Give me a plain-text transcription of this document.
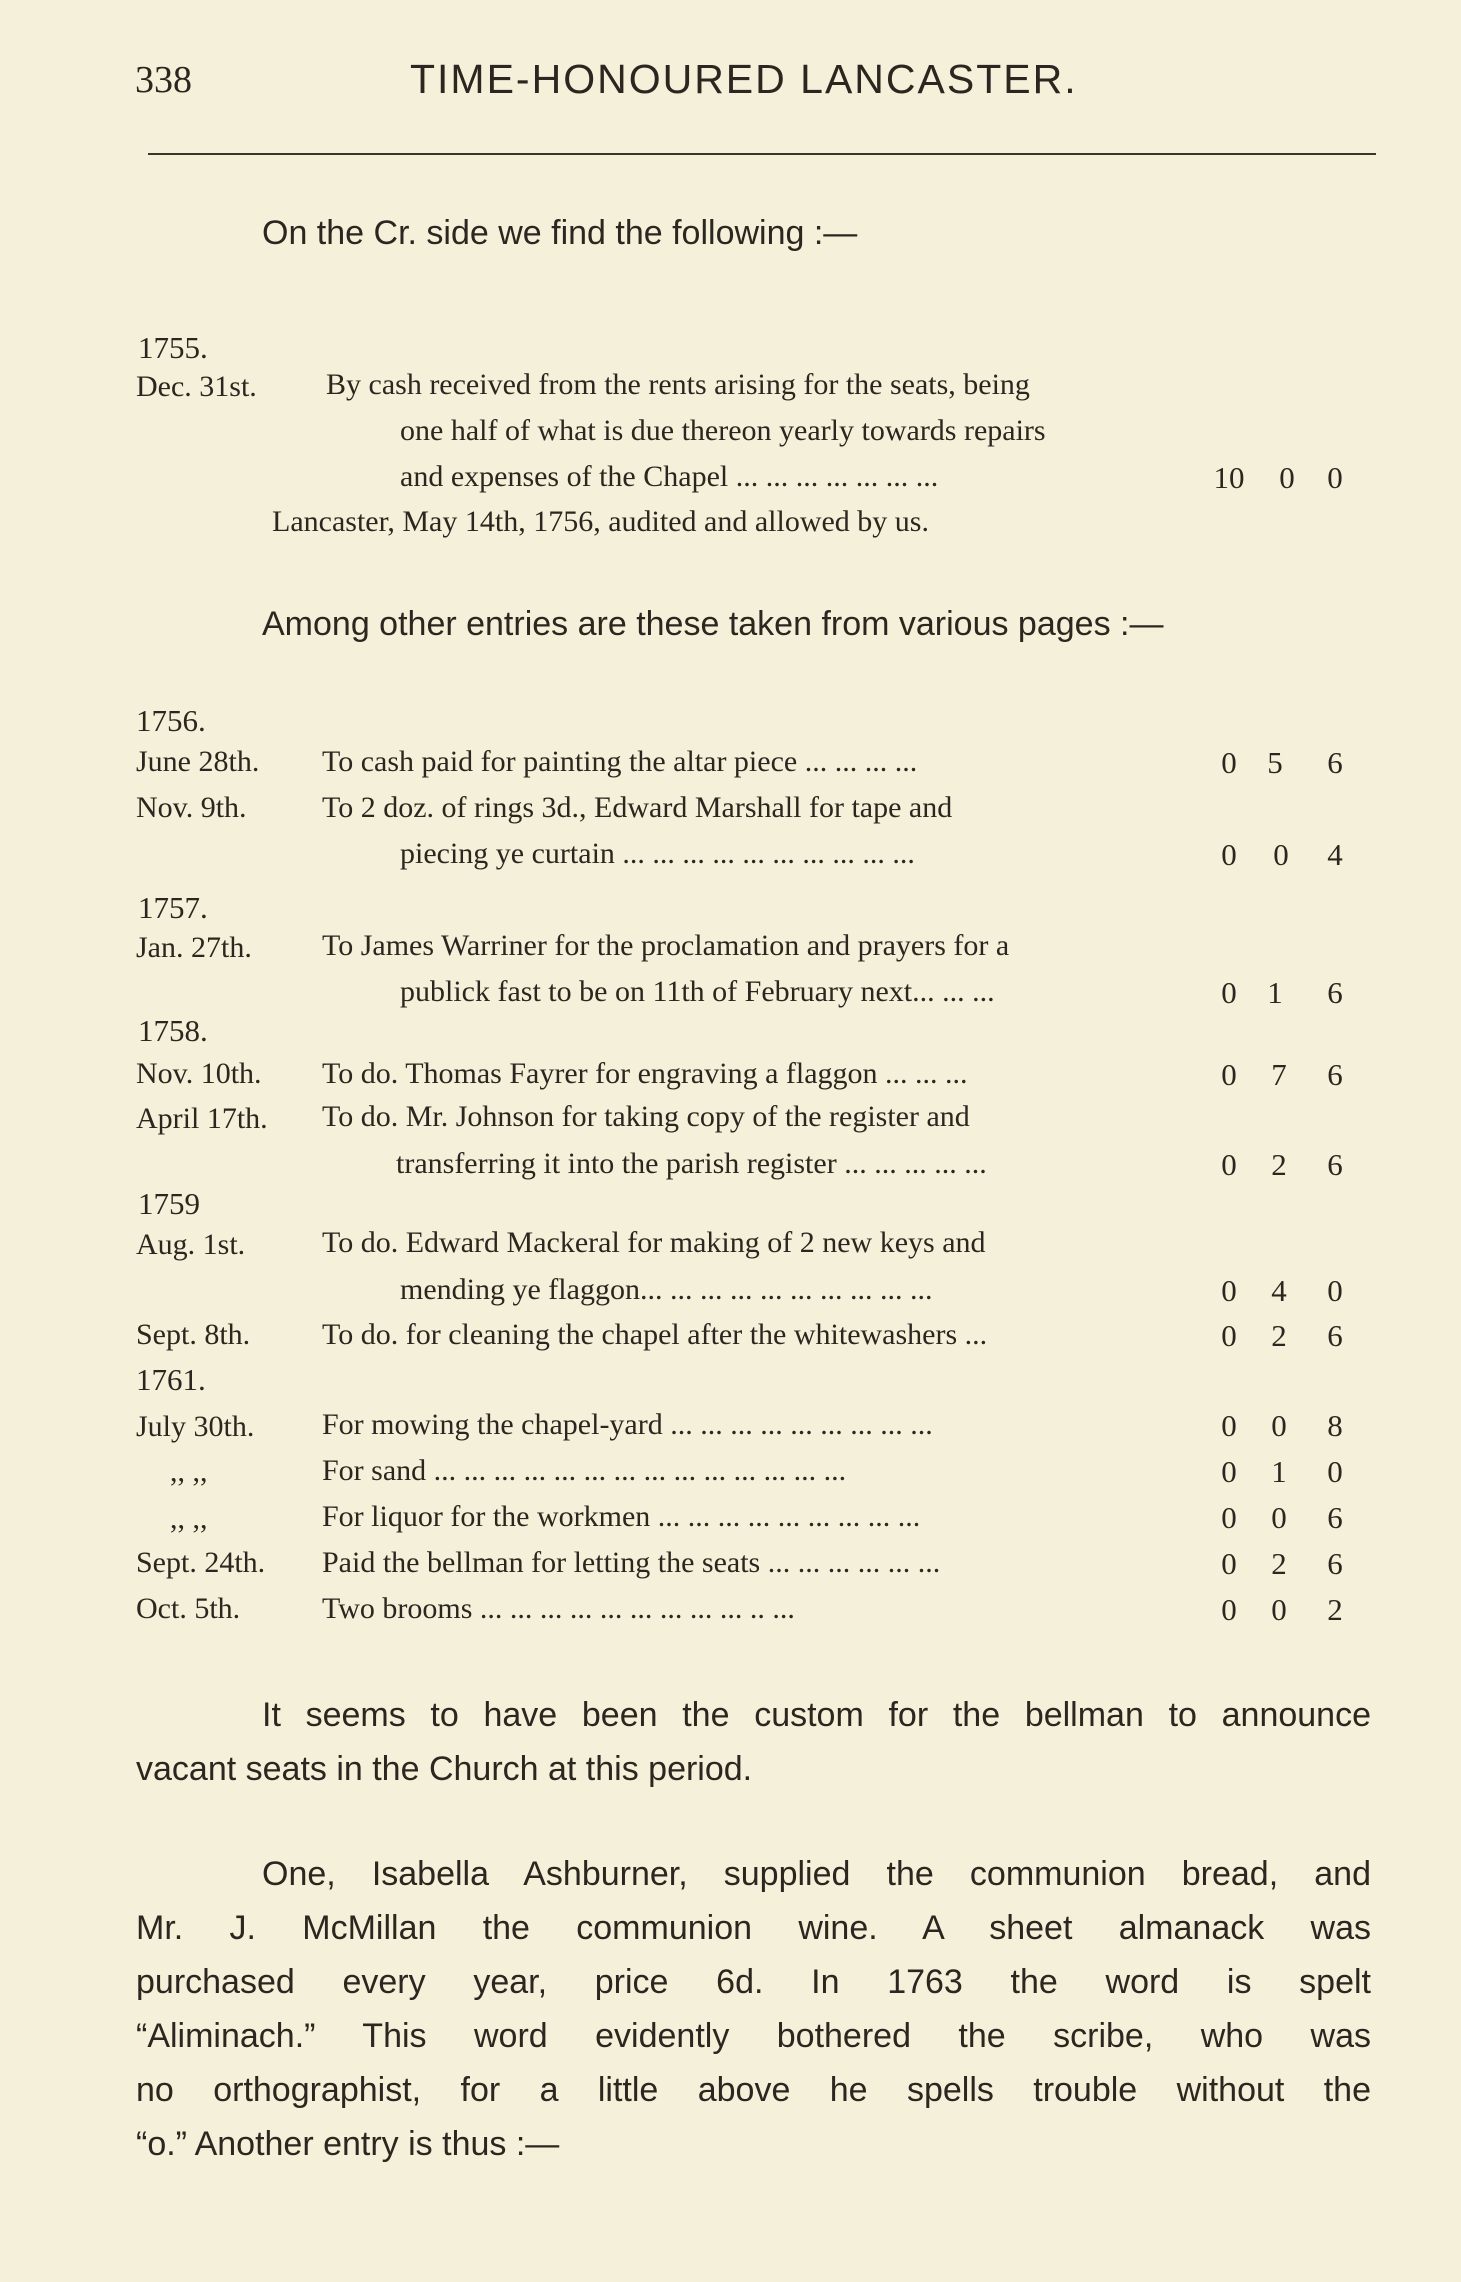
338	TIME-HONOURED LANCASTER.
On the Cr. side we find the following :—
1755.
Dec. 31st. By cash received from the rents arising for the seats, being
one half of what is due thereon yearly towards repairs
and expenses of the Chapel ... ... ... ... ... ... ...	10 0 0
Lancaster, May 14th, 1756, audited and allowed by us.
Among other entries are these taken from various pages :—
1756.
June 28th. To cash paid for painting the altar piece ... ... ... ...	0 5 6
Nov. 9th.	To 2 doz. of rings 3d., Edward Marshall for tape and
piecing ye curtain ... ... ... ... ... ... ... ... ... ...	0 0 4
1757.
Jan. 27th. To James Warriner for the proclamation and prayers for a
publick fast to be on 11th of February next... ... ...	0 1 6
1758.
Nov. 10th. To do. Thomas Fayrer for engraving a flaggon ... ... ...	0 7 6
April 17th. To do. Mr. Johnson for taking copy of the register and
transferring it into the parish register ... ... ... ... ...	0 2 6
1759
Aug. 1st.	To do. Edward Mackeral for making of 2 new keys and
mending ye flaggon... ... ... ... ... ... ... ... ... ...	0 4 0
Sept. 8th. To do. for cleaning the chapel after the whitewashers ...	0 2 6
1761.
July 30th. For mowing the chapel-yard ... ... ... ... ... ... ... ... ...	0 0 8
,, ,,	For sand ... ... ... ... ... ... ... ... ... ... ... ... ... ...	0 1 0
,, ,,	For liquor for the workmen ... ... ... ... ... ... ... ... ...	0 0 6
Sept. 24th. Paid the bellman for letting the seats ... ... ... ... ... ...	0 2 6
Oct. 5th.	Two brooms ... ... ... ... ... ... ... ... ... .. ...	0 0 2
It seems to have been the custom for the bellman to announce
vacant seats in the Church at this period.
One, Isabella Ashburner, supplied the communion bread, and
Mr. J. McMillan the communion wine. A sheet almanack was
purchased every year, price 6d. In 1763 the word is spelt
“Aliminach.” This word evidently bothered the scribe, who was
no orthographist, for a little above he spells trouble without the
“o.” Another entry is thus :—
